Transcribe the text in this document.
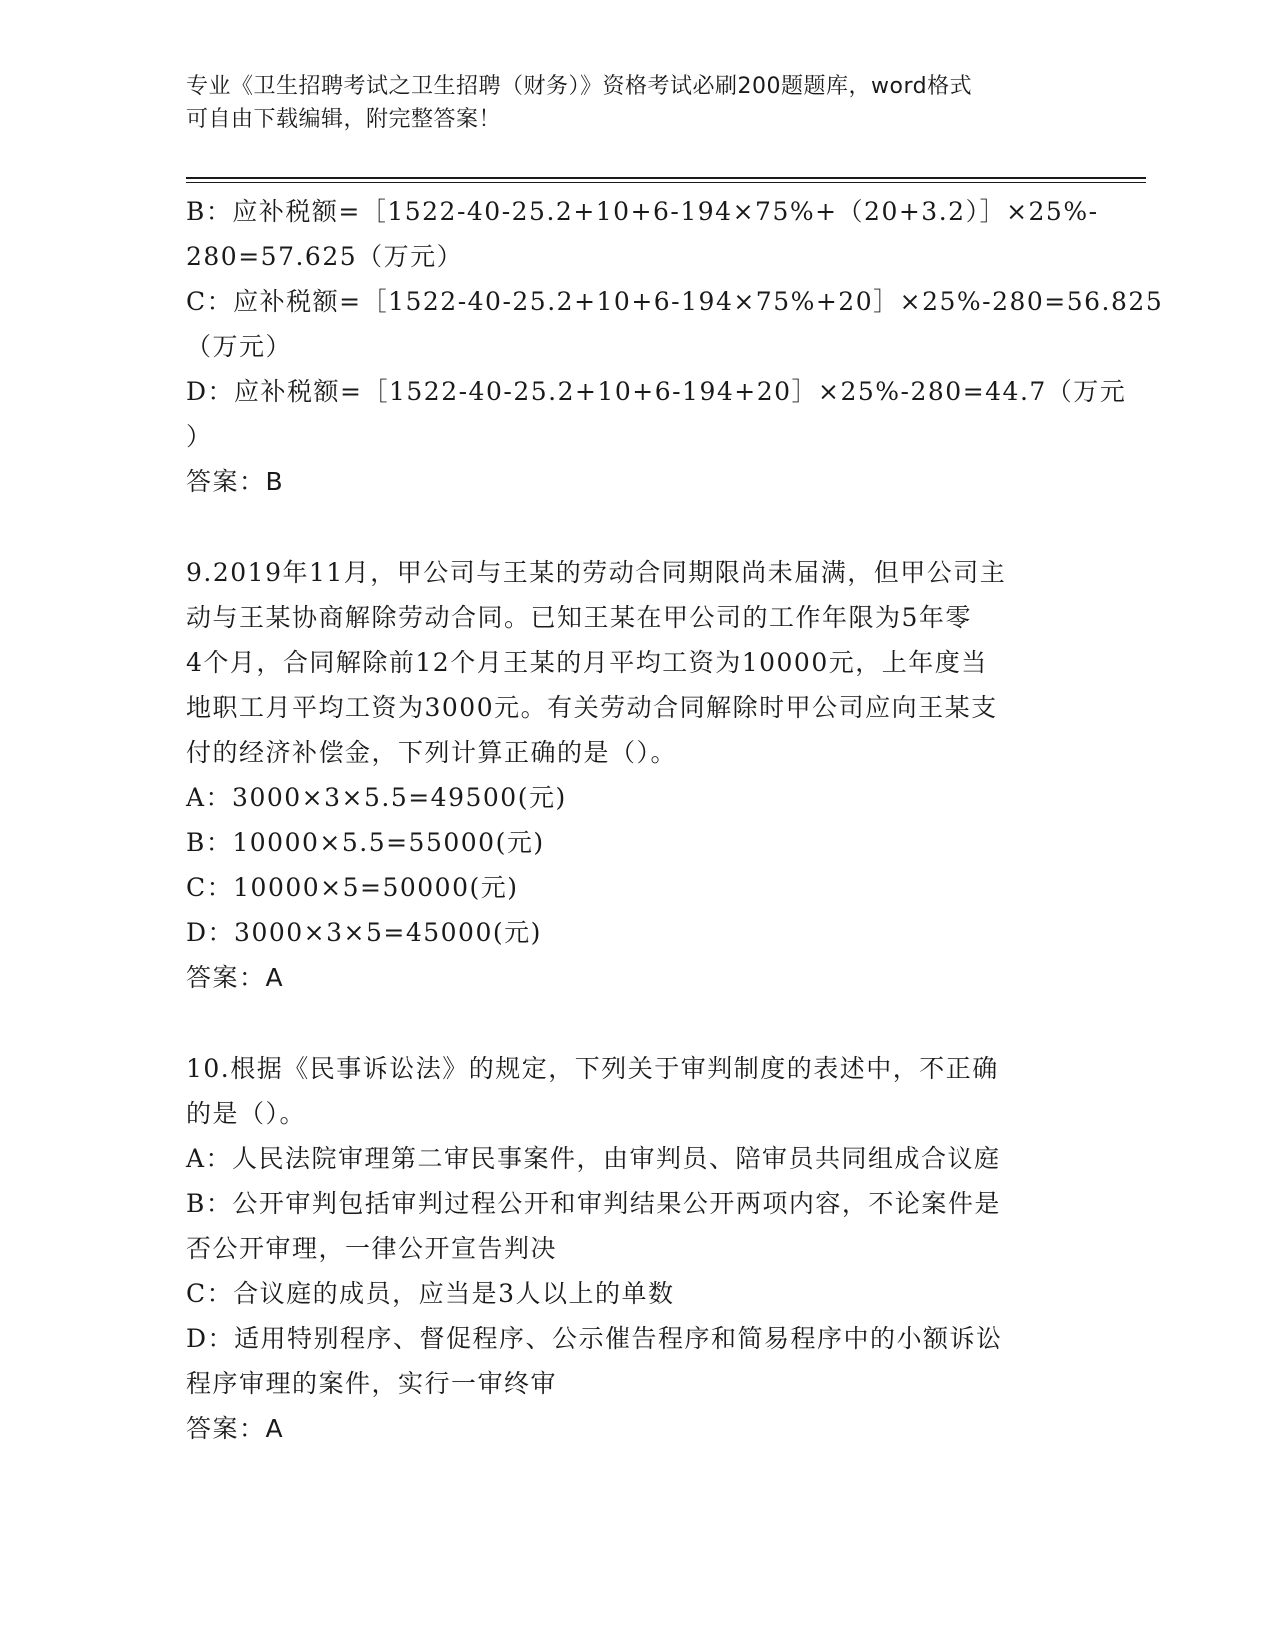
专业《卫生招聘考试之卫生招聘（财务）》资格考试必刷200题题库，word格式
可自由下载编辑，附完整答案！
B：应补税额=［1522-40-25.2+10+6-194×75%+（20+3.2）］×25%-
280=57.625（万元）
C：应补税额=［1522-40-25.2+10+6-194×75%+20］×25%-280=56.825
（万元）
D：应补税额=［1522-40-25.2+10+6-194+20］×25%-280=44.7（万元
）
答案：B
9.2019年11月，甲公司与王某的劳动合同期限尚未届满，但甲公司主
动与王某协商解除劳动合同。已知王某在甲公司的工作年限为5年零
4个月，合同解除前12个月王某的月平均工资为10000元，上年度当
地职工月平均工资为3000元。有关劳动合同解除时甲公司应向王某支
付的经济补偿金，下列计算正确的是（）。
A：3000×3×5.5=49500(元)
B：10000×5.5=55000(元)
C：10000×5=50000(元)
D：3000×3×5=45000(元)
答案：A
10.根据《民事诉讼法》的规定，下列关于审判制度的表述中，不正确
的是（）。
A：人民法院审理第二审民事案件，由审判员、陪审员共同组成合议庭
B：公开审判包括审判过程公开和审判结果公开两项内容，不论案件是
否公开审理，一律公开宣告判决
C：合议庭的成员，应当是3人以上的单数
D：适用特别程序、督促程序、公示催告程序和简易程序中的小额诉讼
程序审理的案件，实行一审终审
答案：A
